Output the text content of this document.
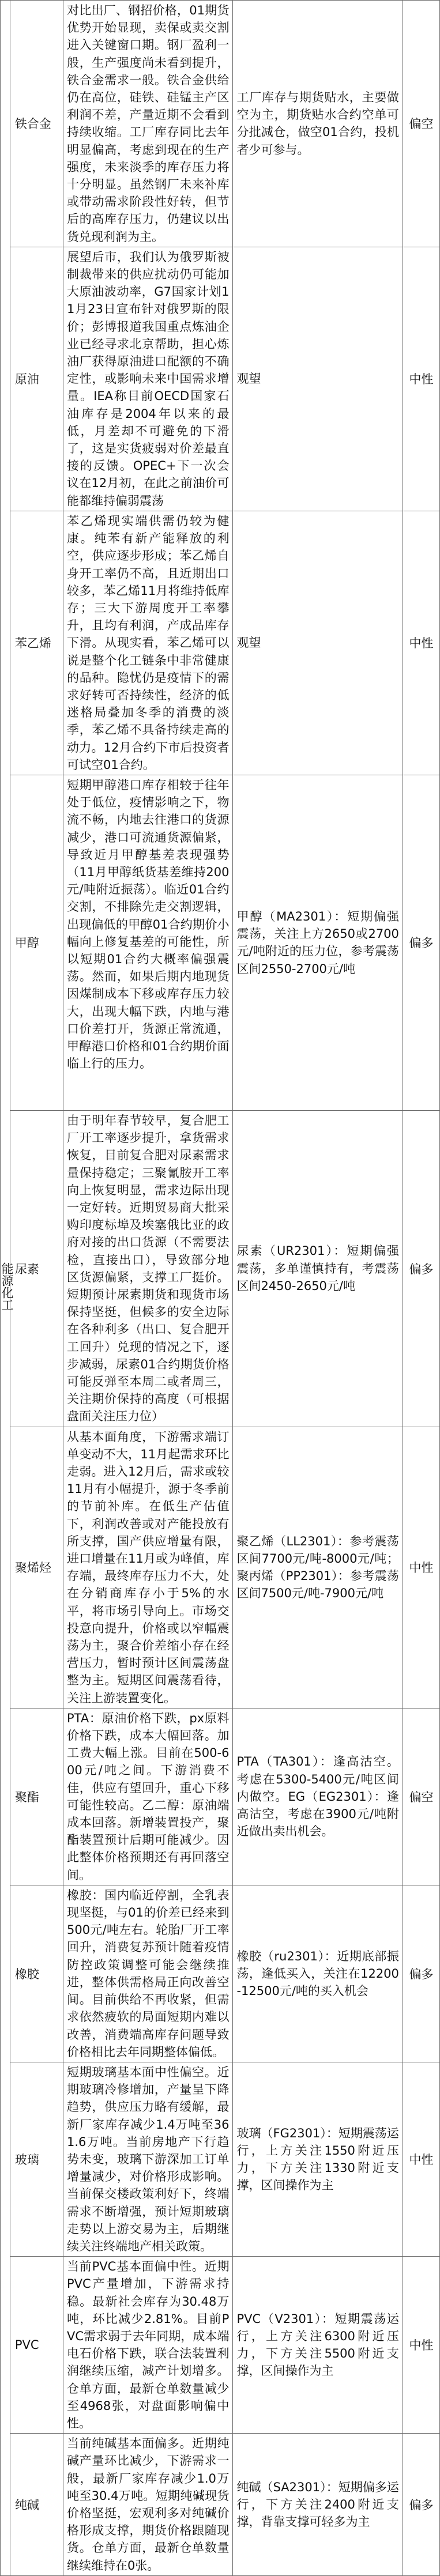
能源化工	铁合金	对比出厂、钢招价格，01期货优势开始显现，卖保或卖交割进入关键窗口期。钢厂盈利一般，生产强度尚未看到提升，铁合金需求一般。铁合金供给仍在高位，硅铁、硅锰主产区利润不差，产量近期不会看到持续收缩。工厂库存同比去年明显偏高，考虑到现在的生产强度，未来淡季的库存压力将十分明显。虽然钢厂未来补库或带动需求阶段性好转，但节后的高库存压力，仍建议以出货兑现利润为主。	工厂库存与期货贴水，主要做空为主，期货贴水合约空单可分批减仓，做空01合约，投机者少可参与。	偏空
	原油	展望后市，我们认为俄罗斯被制裁带来的供应扰动仍可能加大原油波动率，G7国家计划11月23日宣布针对俄罗斯的限价；彭博报道我国重点炼油企业已经寻求北京帮助，担心炼油厂获得原油进口配额的不确定性，或影响未来中国需求增量。IEA称目前OECD国家石油库存是2004年以来的最低，月差却不可避免的下滑了，这是实货疲弱对价差最直接的反馈。OPEC+下一次会议在12月初，在此之前油价可能都维持偏弱震荡	观望	中性
	苯乙烯	苯乙烯现实端供需仍较为健康。纯苯有新产能释放的利空，供应逐步形成；苯乙烯自身开工率仍不高，且近期出口较多，苯乙烯11月将维持低库存；三大下游周度开工率攀升，且均有利润，产成品库存下滑。从现实看，苯乙烯可以说是整个化工链条中非常健康的品种。隐忧仍是疫情下的需求好转可否持续性，经济的低迷格局叠加冬季的消费的淡季，苯乙烯不具备持续走高的动力。12月合约下市后投资者可试空01合约。	观望	中性
	甲醇	短期甲醇港口库存相较于往年处于低位，疫情影响之下，物流不畅，内地去往港口的货源减少，港口可流通货源偏紧，导致近月甲醇基差表现强势（11月甲醇纸货基差维持200元/吨附近振荡）。临近01合约交割，不排除先走交割逻辑，出现偏低的甲醇01合约期价小幅向上修复基差的可能性，所以短期01合约大概率偏强震荡。然而，如果后期内地现货因煤制成本下移或库存压力较大，出现大幅下跌，内地与港口价差打开，货源正常流通，甲醇港口价格和01合约期价面临上行的压力。	甲醇（MA2301）：短期偏强震荡，关注上方2650或2700元/吨附近的压力位，参考震荡区间2550-2700元/吨	偏多
	尿素	由于明年春节较早，复合肥工厂开工率逐步提升，拿货需求恢复，目前复合肥对尿素需求量保持稳定；三聚氰胺开工率向上恢复明显，需求边际出现一定好转。近期贸易商大批采购印度标埠及埃塞俄比亚的政府对接的出口货源（不需要法检，直接出口），导致部分地区货源偏紧，支撑工厂挺价。短期预计尿素期货和现货市场保持坚挺，但候多的安全边际在各种利多（出口、复合肥开工回升）兑现的情况之下，逐步减弱，尿素01合约期货价格可能反弹至本周二或者周三，关注期价保持的高度（可根据盘面关注压力位）	尿素（UR2301）：短期偏强震荡，多单谨慎持有，考震荡区间2450-2650元/吨	偏多
	聚烯烃	从基本面角度，下游需求端订单变动不大，11月起需求环比走弱。进入12月后，需求或较11月有小幅提升，源于冬季前的节前补库。在低生产估值下，利润改善或对产能投放有所支撑，国产供应增量有限，进口增量在11月或为峰值，库存端，最终库存压力不大，处在分销商库存小于5%的水平，将市场引导向上。市场交投意向提升，价格或以窄幅震荡为主，聚合价差缩小存在经营压力，暂时预计区间震荡盘整为主。短期区间震荡看待，关注上游装置变化。	聚乙烯（LL2301）：参考震荡区间7700元/吨-8000元/吨；聚丙烯（PP2301）：参考震荡区间7500元/吨-7900元/吨	中性
	聚酯	PTA：原油价格下跌，px原料价格下跌，成本大幅回落。加工费大幅上涨。目前在500-600元/吨之间。下游消费不佳，供应有望回升，重心下移可能性较高。乙二醇：原油端成本回落。新增装置投产，聚酯装置预计后期可能减少。因此整体价格预期还有再回落空间。	PTA（TA301）：逢高沽空。考虑在5300-5400元/吨区间内做空。EG（EG2301）：逢高沽空，考虑在3900元/吨附近做出卖出机会。	偏空
	橡胶	橡胶：国内临近停割，全乳表现坚挺，与01的价差已经来到500元/吨左右。轮胎厂开工率回升，消费复苏预计随着疫情防控政策调整可能会继续推进，整体供需格局正向改善空间。目前供给不再收紧，但需求依然疲软的局面短期内难以改善，消费端高库存问题导致价格相比去年同期整体偏低。	橡胶（ru2301）：近期底部振荡，逢低买入，关注在12200-12500元/吨的买入机会	偏多
	玻璃	短期玻璃基本面中性偏空。近期玻璃冷修增加，产量呈下降趋势，供应压力略有缓解，最新厂家库存减少1.4万吨至361.6万吨。当前房地产下行趋势未变，玻璃下游深加工订单增量减少，对价格形成影响。当前保交楼政策利好下，终端需求不断增强，预计短期玻璃走势以上游交易为主，后期继续关注终端地产相关政策。	玻璃（FG2301）：短期震荡运行，上方关注1550附近压力，下方关注1330附近支撑，区间操作为主	中性
	PVC	当前PVC基本面偏中性。近期PVC产量增加，下游需求持稳。最新社会库存为30.48万吨，环比减少2.81%。目前PVC需求弱于去年同期，成本端电石价格下跌，联合法装置利润继续压缩，减产计划增多。仓单方面，最新仓单数量减少至4968张，对盘面影响偏中性。	PVC（V2301）：短期震荡运行，上方关注6300附近压力，下方关注5500附近支撑，区间操作为主	中性
	纯碱	当前纯碱基本面偏多。近期纯碱产量环比减少，下游需求一般，最新厂家库存减少1.0万吨至30.4万吨。短期纯碱现货价格坚挺，宏观利多对纯碱价格形成支撑，期货价格跟随现货。仓单方面，最新仓单数量继续维持在0张。	纯碱（SA2301）：短期偏多运行，下方关注2400附近支撑，背靠支撑可轻多为主	偏多
